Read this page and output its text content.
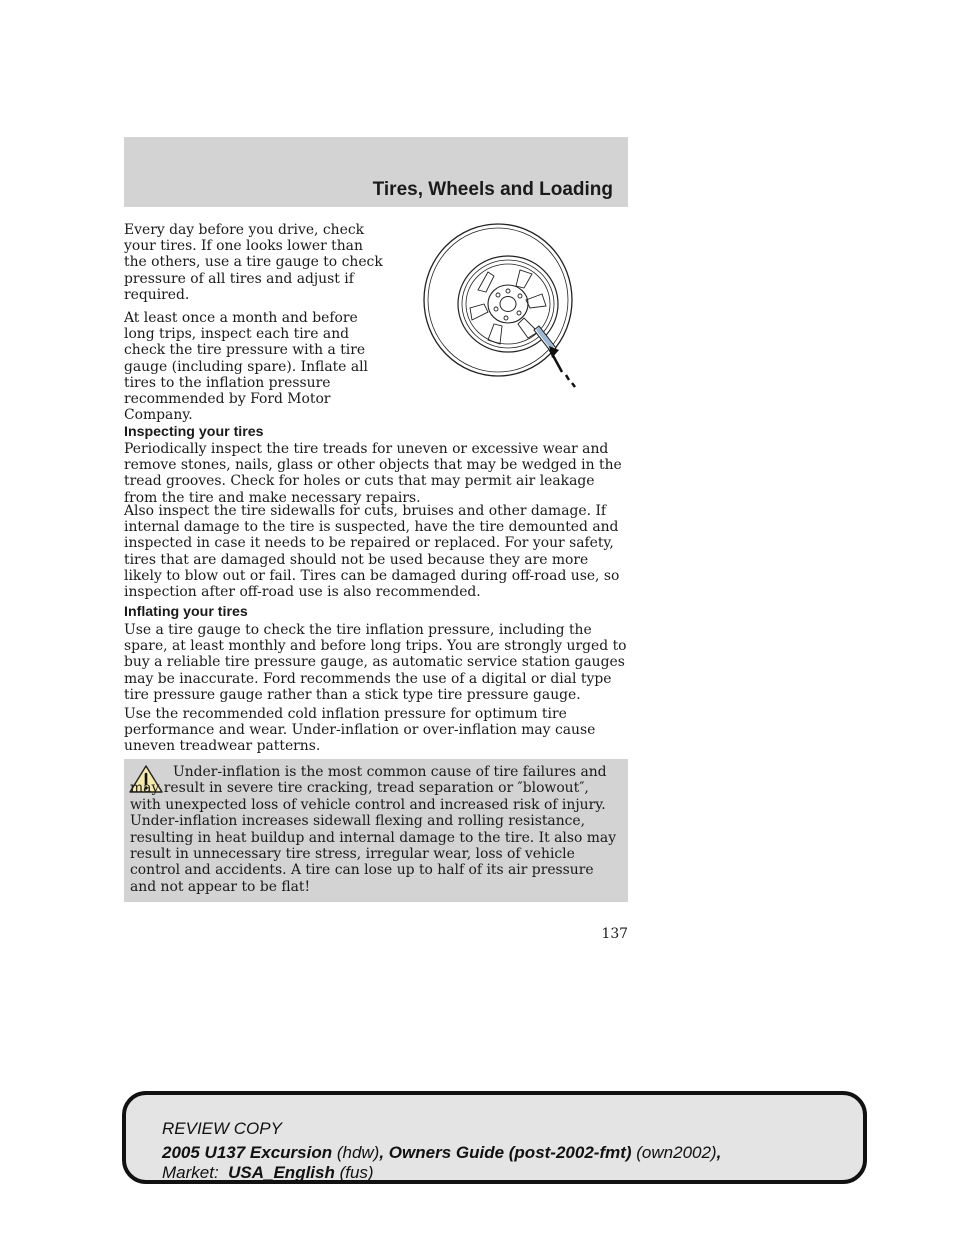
Tires, Wheels and Loading

Every day before you drive, check your tires. If one looks lower than the others, use a tire gauge to check pressure of all tires and adjust if required.

At least once a month and before long trips, inspect each tire and check the tire pressure with a tire gauge (including spare). Inflate all tires to the inflation pressure recommended by Ford Motor Company.

Inspecting your tires

Periodically inspect the tire treads for uneven or excessive wear and remove stones, nails, glass or other objects that may be wedged in the tread grooves. Check for holes or cuts that may permit air leakage from the tire and make necessary repairs.

Also inspect the tire sidewalls for cuts, bruises and other damage. If internal damage to the tire is suspected, have the tire demounted and inspected in case it needs to be repaired or replaced. For your safety, tires that are damaged should not be used because they are more likely to blow out or fail. Tires can be damaged during off-road use, so inspection after off-road use is also recommended.

Inflating your tires

Use a tire gauge to check the tire inflation pressure, including the spare, at least monthly and before long trips. You are strongly urged to buy a reliable tire pressure gauge, as automatic service station gauges may be inaccurate. Ford recommends the use of a digital or dial type tire pressure gauge rather than a stick type tire pressure gauge.

Use the recommended cold inflation pressure for optimum tire performance and wear. Under-inflation or over-inflation may cause uneven treadwear patterns.

Under-inflation is the most common cause of tire failures and may result in severe tire cracking, tread separation or ″blowout″, with unexpected loss of vehicle control and increased risk of injury. Under-inflation increases sidewall flexing and rolling resistance, resulting in heat buildup and internal damage to the tire. It also may result in unnecessary tire stress, irregular wear, loss of vehicle control and accidents. A tire can lose up to half of its air pressure and not appear to be flat!

137
REVIEW COPY
2005 U137 Excursion (hdw), Owners Guide (post-2002-fmt) (own2002),
Market:  USA_English (fus)
